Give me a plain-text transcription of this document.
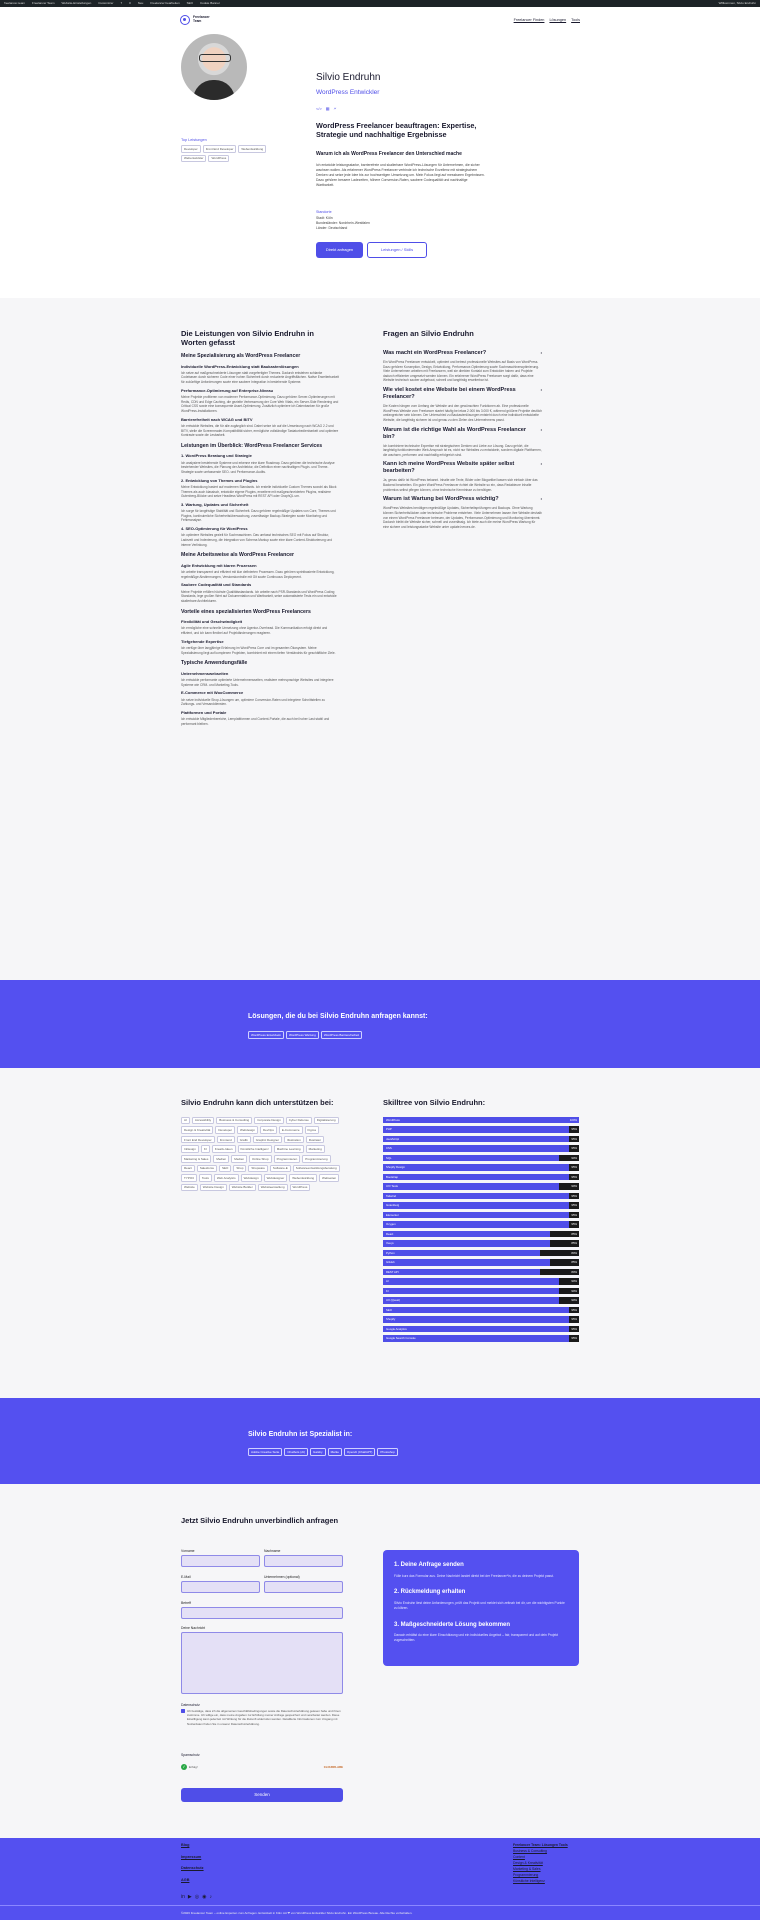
freelancer-team Freelancer Team Website-Einstellungen Customizer 7 0 Neu Freelancer bearbeiten SEO Cookie Banner	Willkommen, Silvio Endruhn
Freelancer
Team	Freelancer Finden Lösungen Tools
Top Leistungen
Developer	Front End Developer	Webentwicklung
Webentwickler	WordPress
Silvio Endruhn
WordPress Entwickler
</> ▦ 🗲
WordPress Freelancer beauftragen: Expertise, Strategie und nachhaltige Ergebnisse
Warum ich als WordPress Freelancer den Unterschied mache

Ich entwickle leistungsstarke, barrierefreie und skalierbare WordPress-Lösungen für Unternehmen, die sicher wachsen wollen. Als erfahrener WordPress Freelancer verbinde ich technische Exzellenz mit strategischem Denken und setze jede Idee bis zur hochwertigen Umsetzung um. Mein Fokus liegt auf messbaren Ergebnissen. Dazu gehören bessere Ladezeiten, höhere Conversion-Raten, saubere Codequalität und nachhaltige Wartbarkeit.

Standorte
Stadt: Köln
Bundesländer: Nordrhein-Westfalen
Länder: Deutschland
Direkt anfragen	Leistungen / Skills
Die Leistungen von Silvio Endruhn in Worten gefasst
Meine Spezialisierung als WordPress Freelancer
Individuelle WordPress-Entwicklung statt Baukastenlösungen

Ich setze auf maßgeschneiderte Lösungen statt vorgefertigter Themes. Dadurch entstehen schlanke Codebasen durch sicheren Code einer hohen Sicherheit durch reduzierte Angriffsflächen. Native Erweiterbarkeit für zukünftige Anforderungen sowie eine saubere Integration in bestehende Systeme.

Performance-Optimierung auf Enterprise-Niveau

Meine Projekte profitieren von moderner Performance-Optimierung. Dazu gehören Server-Optimierungen mit Redis, CDN und Edge Caching, die gezielte Verbesserung der Core Web Vitals, ein Server-Side Rendering und Critical CSS sowie eine konsequente Asset-Optimierung. Zusätzlich optimiere ich Datenbanken für große WordPress-Installationen.

Barrierefreiheit nach WCAG und BITV

Ich entwickle Websites, die für alle zugänglich sind. Dabei setze ich auf die Umsetzung nach WCAG 2.2 und BITV, stelle die Screenreader-Kompatibilität sicher, ermögliche vollständige Tastaturbedienbarkeit und optimiere Kontraste sowie die Lesbarkeit.

Leistungen im Überblick: WordPress Freelancer Services
1. WordPress Beratung und Strategie

Ich analysiere bestehende Systeme und erkenne eine klare Roadmap. Dazu gehören die technische Analyse bestehender Websites, die Planung der Architektur, die Definition einer nachhaltigen Plugin- und Theme-Strategie sowie umfassende SEO- und Performance-Audits.

2. Entwicklung von Themes und Plugins

Meine Entwicklung basiert auf modernen Standards. Ich erstelle individuelle Custom Themes sowohl als Block Themes als auch klassisch, entwickle eigene Plugins, erweitere mit maßgeschneiderten Plugins, realisiere Gutenberg-Blöcke und setze Headless WordPress mit REST API oder GraphQL um.

3. Wartung, Updates und Sicherheit

Ich sorge für langfristige Stabilität und Sicherheit. Dazu gehören regelmäßige Updates von Core, Themes und Plugins, kontinuierliche Sicherheitsüberwachung, zuverlässige Backup-Strategien sowie Monitoring und Fehleranalyse.

4. SEO-Optimierung für WordPress

Ich optimiere Websites gezielt für Suchmaschinen. Das umfasst technisches SEO mit Fokus auf Struktur, Ladezeit und Indexierung, die Integration von Schema Markup sowie eine klare Content-Strukturierung und interne Verlinkung.

Meine Arbeitsweise als WordPress Freelancer
Agile Entwicklung mit klaren Prozessen

Ich arbeite transparent und effizient mit klar definierten Prozessen. Dazu gehören sprintbasierte Entwicklung, regelmäßige Abstimmungen, Versionskontrolle mit Git sowie Continuous Deployment.

Saubere Codequalität und Standards

Meine Projekte erfüllen höchste Qualitätsstandards. Ich arbeite nach PSR-Standards und WordPress Coding Standards, lege großen Wert auf Dokumentation und Wartbarkeit, setze automatisierte Tests ein und entwickle skalierbare Architekturen.

Vorteile eines spezialisierten WordPress Freelancers
Flexibilität und Geschwindigkeit

Ich ermögliche eine schnelle Umsetzung ohne Agentur-Overhead. Die Kommunikation erfolgt direkt und effizient, und ich kann flexibel auf Projektänderungen reagieren.

Tiefgehende Expertise

Ich verfüge über langjährige Erfahrung im WordPress Core und im gesamten Ökosystem. Meine Spezialisierung liegt auf komplexen Projekten, kombiniert mit einem tiefen Verständnis für geschäftliche Ziele.

Typische Anwendungsfälle
Unternehmenswebseiten

Ich entwickle performante optimierte Unternehmensseiten, realisiere mehrsprachige Websites und integriere Systeme wie CRM- und Marketing-Tools.

E-Commerce mit WooCommerce

Ich setze individuelle Shop-Lösungen um, optimiere Conversion-Raten und integriere Schnittstellen zu Zahlungs- und Versanddiensten.

Plattformen und Portale

Ich entwickle Mitgliederbereiche, Lernplattformen und Content-Portale, die auch bei hoher Last stabil und performant bleiben.

Fragen an Silvio Endruhn
Was macht ein WordPress Freelancer?	•
Ein WordPress Freelancer entwickelt, optimiert und betreut professionelle Websites auf Basis von WordPress. Dazu gehören Konzeption, Design, Entwicklung, Performance-Optimierung sowie Suchmaschinenoptimierung. Viele Unternehmen arbeiten mit Freelancern, weil sie direkten Kontakt zum Entwickler haben und Projekte dadurch effizienter umgesetzt werden können. Ein erfahrener WordPress Freelancer sorgt dafür, dass eine Website technisch sauber aufgebaut, schnell und langfristig erweiterbar ist.
Wie viel kostet eine Website bei einem WordPress Freelancer?
•
Die Kosten hängen vom Umfang der Website und den gewünschten Funktionen ab. Eine professionelle WordPress Website vom Freelancer startet häufig bei etwa 2.000 bis 3.000 €, während größere Projekte deutlich umfangreicher sein können. Der Unterschied zu Baukastenlösungen entsteht durch eine individuell entwickelte Website, die langfristig sicherer ist und genau zu den Zielen des Unternehmens passt.
Warum ist die richtige Wahl als WordPress Freelancer bin?
•
Ich kombiniere technische Expertise mit strategischem Denken und Liebe zur Lösung. Dazu gehört, die langfristig funktionierenden Web-Anspruch ist es, nicht nur Websites zu entwickeln, sondern digitale Plattformen, die wachsen, performen und nachhaltig erfolgreich sind.
Kann ich meine WordPress Website später selbst bearbeiten?
•
Ja, genau dafür ist WordPress bekannt. Inhalte wie Texte, Bilder oder Blogartikel lassen sich einfach über das Backend bearbeiten. Ein guter WordPress Freelancer richtet die Website so ein, dass Redakteure Inhalte problemlos selbst pflegen können, ohne technische Kenntnisse zu benötigen.
Warum ist Wartung bei WordPress wichtig?	•
WordPress Websites benötigen regelmäßige Updates, Sicherheitsprüfungen und Backups. Ohne Wartung können Sicherheitslücken oder technische Probleme entstehen. Viele Unternehmen lassen ihre Website deshalb von einem WordPress Freelancer betreuen, der Updates, Performance-Optimierung und Monitoring übernimmt. Dadurch bleibt die Website sicher, schnell und zuverlässig. Ich biete auch die meine WordPress Wartung für eine sichere und leistungsstarke Website unter update.heroes.de.
Lösungen, die du bei Silvio Endruhn anfragen kannst:
WordPress Entwickeln	WordPress Wartung	WordPress Barrierefreiheit
Silvio Endruhn kann dich unterstützen bei:
AI	Accessibility	Business & Consulting	Corporate Design	Cyber Defense	Digitalisierung
Design & Kreativität	Developer	Webdesign	DevOps	E-Commerce	Figma
Front End Developer	Frontend	Grafik	Graphic Designer	Illustration	Illustrator
InDesign	KI	Kreativ-Ideen	Künstliche Intelligenz	Machine Learning	Marketing
Marketing & Sales	Medien	Medien	Online Shop	Programmieren	Programmierung
React	Salesforce	SEO	Shop	Shopware	Software-E	Softwareentwicklungsberatung
TYPO3	Tools	Web Analytics	Webdesign	Webdesigner	Webentwicklung	Webseiten
Website	Website Design	Website Builder	Websiteerstellung	WordPress
Skilltree von Silvio Endruhn:
WordPress	100%
PHP	95%
JavaScript	95%
CSS	95%
SQL	90%
Shopify Design	95%
Bootstrap	95%
UX/ Tests	90%
Tailwind	95%
Gutenberg	95%
Elementor	95%
Oxygen	95%
React	85%
Vue.js	85%
Python	80%
GitHub	85%
REST API	80%
AI	90%
KI	90%
UX (Quest)	90%
SEO	95%
Shopify	95%
Google Analytics	95%
Google Search Console	95%
Silvio Endruhn ist Spezialist in:
Adobe Creative Suite	Chatbots (AI)	Gatsby	Marke	OpenAI (ChatGPT)	Photoshop
Jetzt Silvio Endruhn unverbindlich anfragen
Vorname	Nachname
E-Mail	Unternehmen (optional)
Betreff
Deine Nachricht
Datenschutz
Ich bestätige, dass ich die allgemeinen Geschäftsbedingungen sowie die Datenschutzerklärung gelesen habe und ihnen zustimme. Ich willige ein, dass meine Angaben zur Erfüllung meiner Anfrage gespeichert und verarbeitet werden. Diese Einwilligung kann jederzeit mit Wirkung für die Zukunft widerrufen werden. Detaillierte Informationen zum Umgang mit Nutzerdaten finden Sie in unserer Datenschutzerklärung.
Spamschutz
✓	Erfolg!	CLOUDFLARE
Senden
1. Deine Anfrage senden

Fülle kurz das Formular aus. Deine Nachricht landet direkt bei der Freelancer*in, die zu deinem Projekt passt.

2. Rückmeldung erhalten

Silvio Endruhn liest deine Anforderungen, prüft das Projekt und meldet sich zeitnah bei dir, um die wichtigsten Punkte zu klären.

3. Maßgeschneiderte Lösung bekommen

Danach erhältst du eine klare Einschätzung und ein individuelles Angebot – fair, transparent und auf dein Projekt zugeschnitten.

Blog
Impressum
Datenschutz
AGB
in ▶ ◎ ◉ ♪
Freelancer Team: Lösungen Tools
Business & Consulting
Content
Design & Kreativität
Marketing & Sales
Programmierung
Künstliche Intelligenz
©2026 Freelancer Team – online Experten zum Anfragen. Entwickelt in Köln mit ❤ von WordPress Entwickler Silvio Endruhn. Ein WordPress Bureau. Alle Rechte vorbehalten.
